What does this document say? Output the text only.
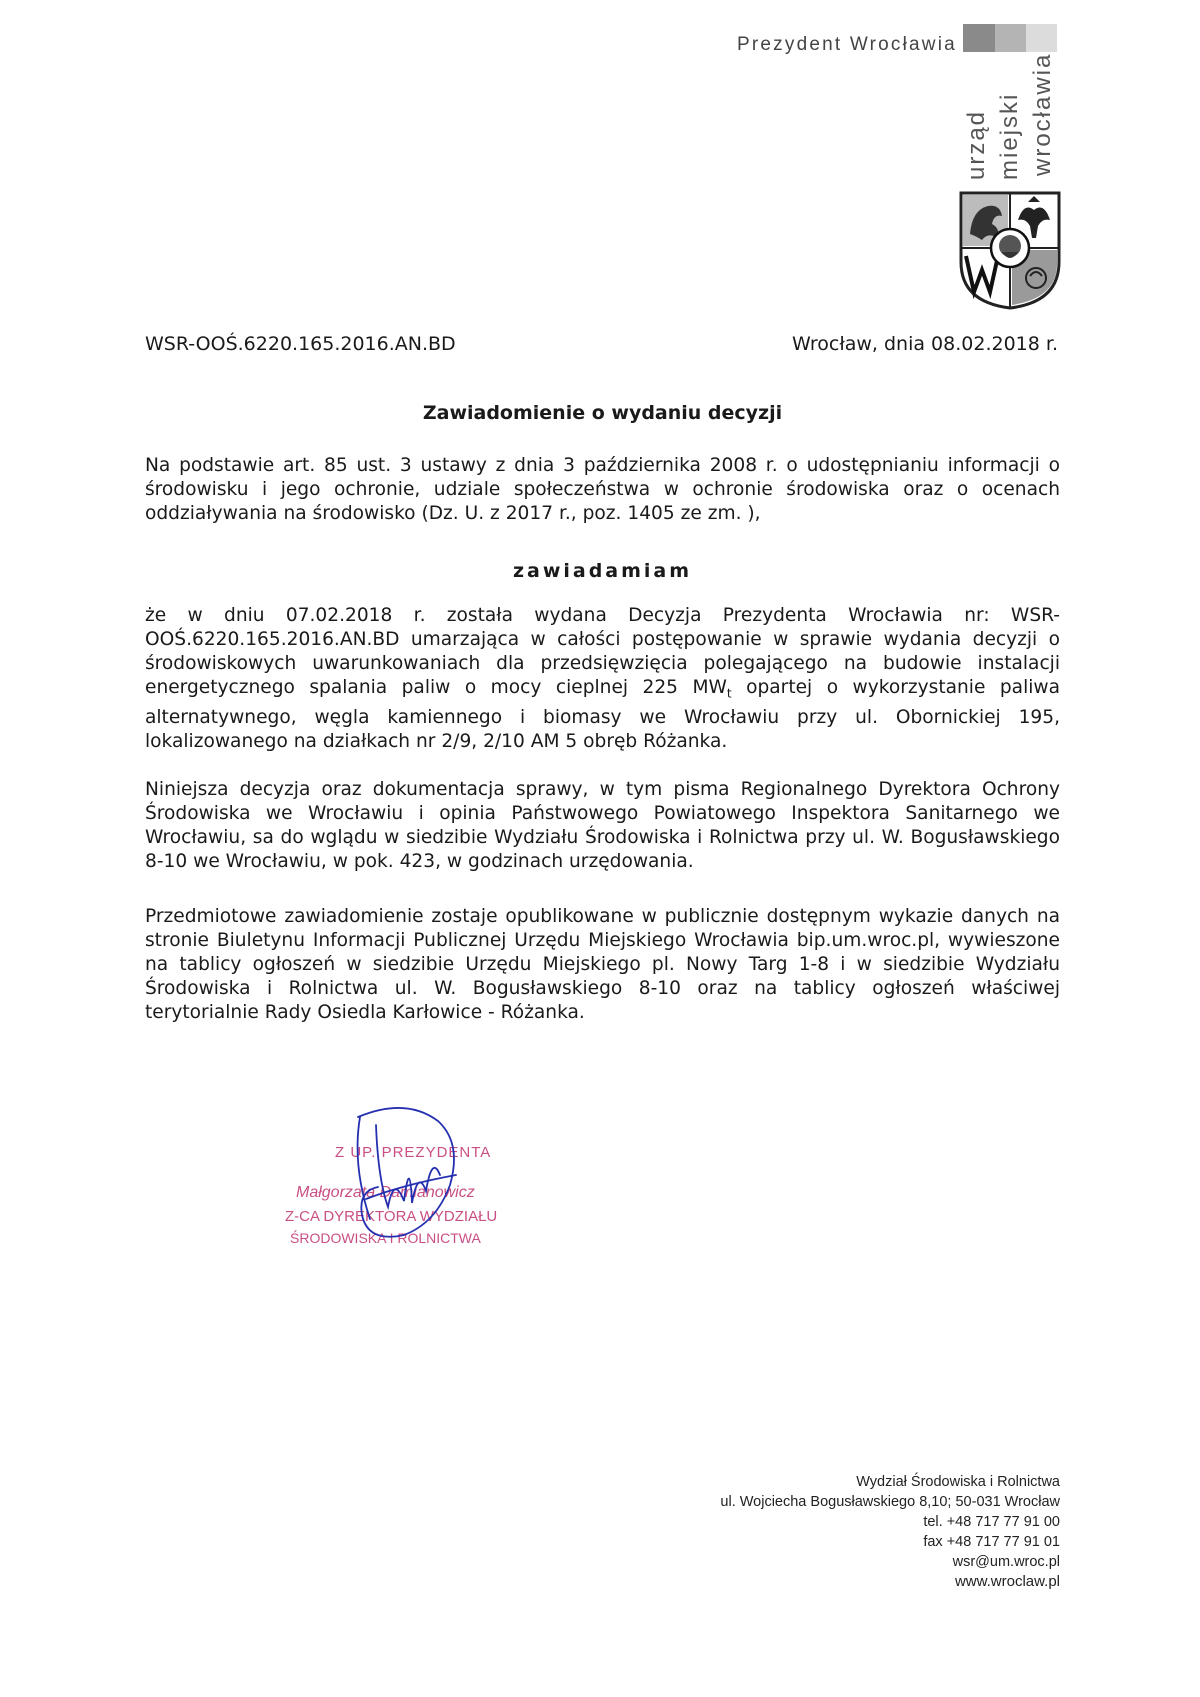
Prezydent Wrocławia
urząd miejski wrocławia
WSR-OOŚ.6220.165.2016.AN.BD	Wrocław, dnia 08.02.2018 r.
Zawiadomienie o wydaniu decyzji
Na podstawie art. 85 ust. 3 ustawy z dnia 3 października 2008 r. o udostępnianiu informacji o środowisku i jego ochronie, udziale społeczeństwa w ochronie środowiska oraz o ocenach oddziaływania na środowisko (Dz. U. z 2017 r., poz. 1405 ze zm. ),
zawiadamiam
że w dniu 07.02.2018 r. została wydana Decyzja Prezydenta Wrocławia nr: WSR-OOŚ.6220.165.2016.AN.BD umarzająca w całości postępowanie w sprawie wydania decyzji o środowiskowych uwarunkowaniach dla przedsięwzięcia polegającego na budowie instalacji energetycznego spalania paliw o mocy cieplnej 225 $MW_t$ opartej o wykorzystanie paliwa alternatywnego, węgla kamiennego i biomasy we Wrocławiu przy ul. Obornickiej 195, lokalizowanego na działkach nr 2/9, 2/10 AM 5 obręb Różanka.
Niniejsza decyzja oraz dokumentacja sprawy, w tym pisma Regionalnego Dyrektora Ochrony Środowiska we Wrocławiu i opinia Państwowego Powiatowego Inspektora Sanitarnego we Wrocławiu, sa do wglądu w siedzibie Wydziału Środowiska i Rolnictwa przy ul. W. Bogusławskiego 8-10 we Wrocławiu, w pok. 423, w godzinach urzędowania.
Przedmiotowe zawiadomienie zostaje opublikowane w publicznie dostępnym wykazie danych na stronie Biuletynu Informacji Publicznej Urzędu Miejskiego Wrocławia bip.um.wroc.pl, wywieszone na tablicy ogłoszeń w siedzibie Urzędu Miejskiego pl. Nowy Targ 1-8 i w siedzibie Wydziału Środowiska i Rolnictwa ul. W. Bogusławskiego 8-10 oraz na tablicy ogłoszeń właściwej terytorialnie Rady Osiedla Karłowice - Różanka.
Z UP. PREZYDENTA
Małgorzata Damianowicz
Z-CA DYREKTORA WYDZIAŁU
ŚRODOWISKA I ROLNICTWA
Wydział Środowiska i Rolnictwa
ul. Wojciecha Bogusławskiego 8,10; 50-031 Wrocław
tel. +48 717 77 91 00
fax +48 717 77 91 01
wsr@um.wroc.pl
www.wroclaw.pl
